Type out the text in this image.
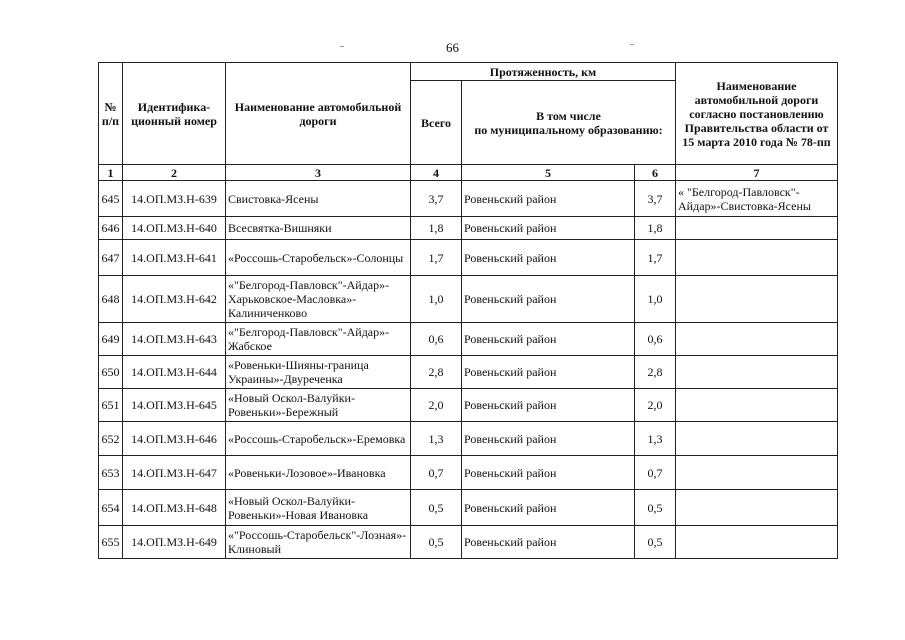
66
№ п/п	Идентифика-ционный номер	Наименование автомобильной дороги	Протяженность, км			Наименование автомобильной дороги согласно постановлению Правительства области от 15 марта 2010 года № 78-пп
			Всего	В том числе
по муниципальному образованию:		
1	2	3	4	5	6	7
645	14.ОП.МЗ.Н-639	Свистовка-Ясены	3,7	Ровеньский район	3,7	« "Белгород-Павловск"-Айдар»-Свистовка-Ясены
646	14.ОП.МЗ.Н-640	Всесвятка-Вишняки	1,8	Ровеньский район	1,8	
647	14.ОП.МЗ.Н-641	«Россошь-Старобельск»-Солонцы	1,7	Ровеньский район	1,7	
648	14.ОП.МЗ.Н-642	«"Белгород-Павловск"-Айдар»-Харьковское-Масловка»-Калиниченково	1,0	Ровеньский район	1,0	
649	14.ОП.МЗ.Н-643	«"Белгород-Павловск"-Айдар»-Жабское	0,6	Ровеньский район	0,6	
650	14.ОП.МЗ.Н-644	«Ровеньки-Шияны-граница Украины»-Двуреченка	2,8	Ровеньский район	2,8	
651	14.ОП.МЗ.Н-645	«Новый Оскол-Валуйки-Ровеньки»-Бережный	2,0	Ровеньский район	2,0	
652	14.ОП.МЗ.Н-646	«Россошь-Старобельск»-Еремовка	1,3	Ровеньский район	1,3	
653	14.ОП.МЗ.Н-647	«Ровеньки-Лозовое»-Ивановка	0,7	Ровеньский район	0,7	
654	14.ОП.МЗ.Н-648	«Новый Оскол-Валуйки-Ровеньки»-Новая Ивановка	0,5	Ровеньский район	0,5	
655	14.ОП.МЗ.Н-649	«"Россошь-Старобельск"-Лозная»-Клиновый	0,5	Ровеньский район	0,5	
